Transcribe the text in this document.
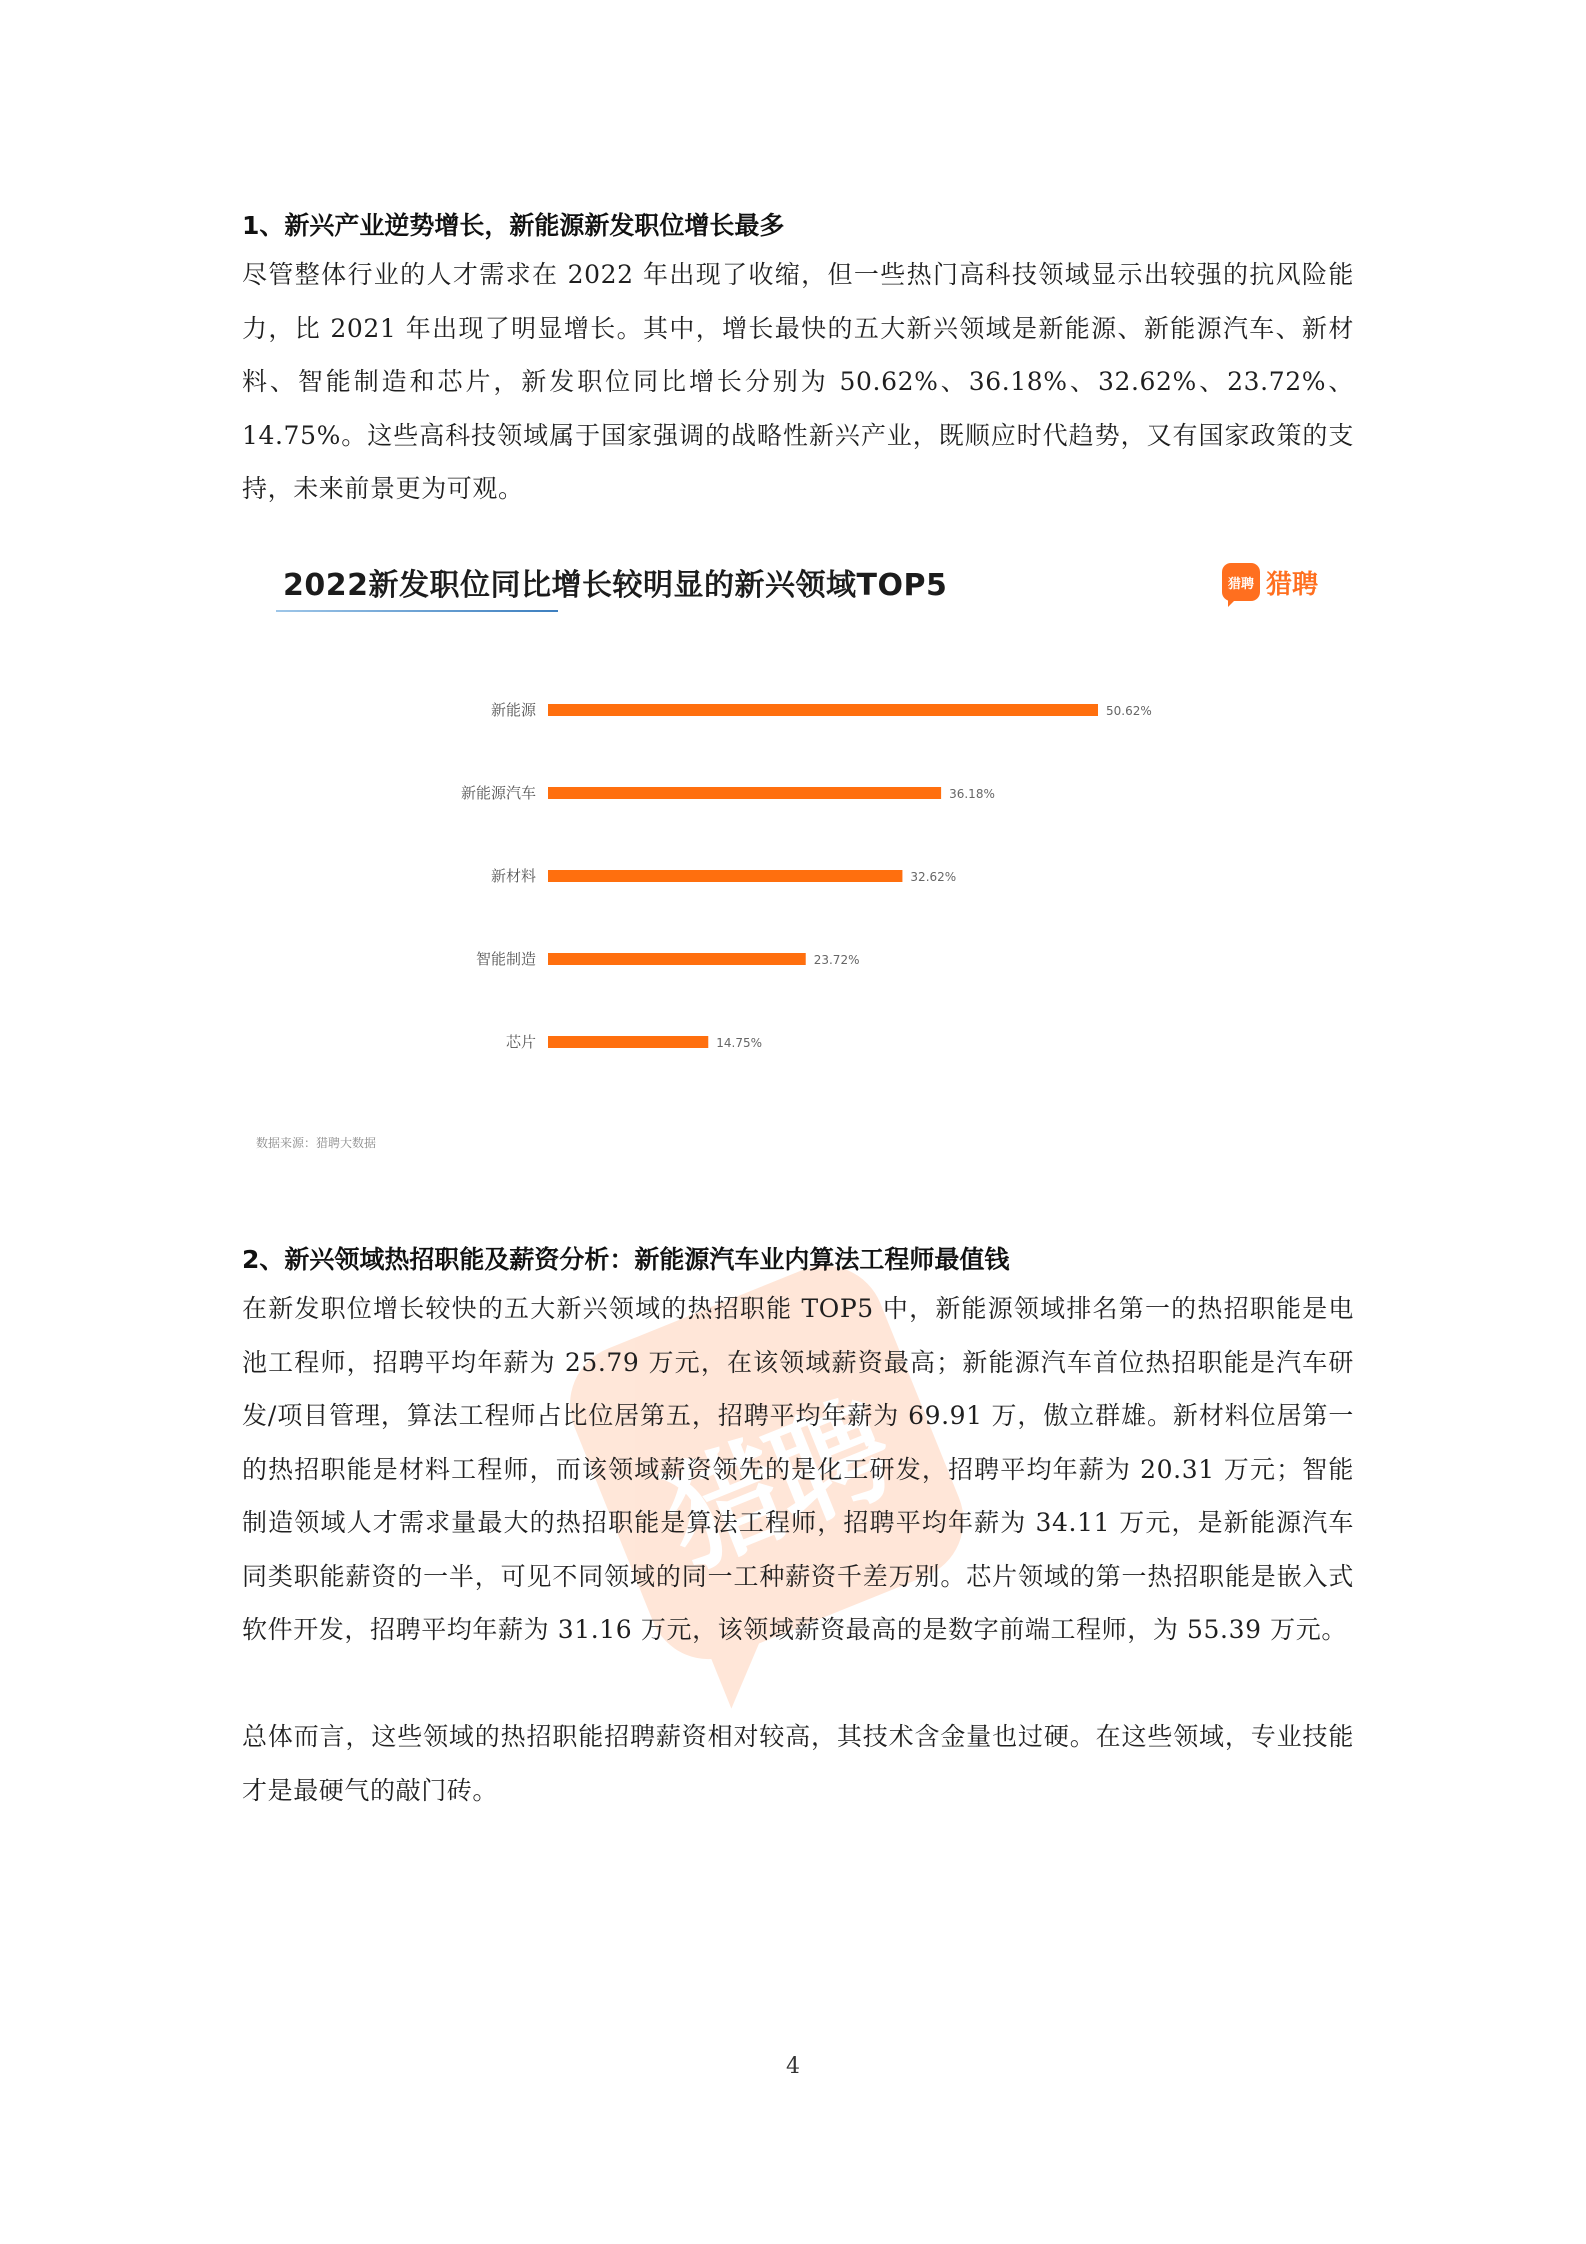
1、新兴产业逆势增长，新能源新发职位增长最多

尽管整体行业的人才需求在 2022 年出现了收缩，但一些热门高科技领域显示出较强的抗风险能力，比 2021 年出现了明显增长。其中，增长最快的五大新兴领域是新能源、新能源汽车、新材料、智能制造和芯片，新发职位同比增长分别为 50.62%、36.18%、32.62%、23.72%、14.75%。这些高科技领域属于国家强调的战略性新兴产业，既顺应时代趋势，又有国家政策的支持，未来前景更为可观。

2022新发职位同比增长较明显的新兴领域TOP5	猎聘 猎聘
新能源	50.62%
新能源汽车	36.18%
新材料	32.62%
智能制造	23.72%
芯片	14.75%
数据来源：猎聘大数据
猎聘
2、新兴领域热招职能及薪资分析：新能源汽车业内算法工程师最值钱

在新发职位增长较快的五大新兴领域的热招职能 TOP5 中，新能源领域排名第一的热招职能是电池工程师，招聘平均年薪为 25.79 万元，在该领域薪资最高；新能源汽车首位热招职能是汽车研发/项目管理，算法工程师占比位居第五，招聘平均年薪为 69.91 万，傲立群雄。新材料位居第一的热招职能是材料工程师，而该领域薪资领先的是化工研发，招聘平均年薪为 20.31 万元；智能制造领域人才需求量最大的热招职能是算法工程师，招聘平均年薪为 34.11 万元，是新能源汽车同类职能薪资的一半，可见不同领域的同一工种薪资千差万别。芯片领域的第一热招职能是嵌入式软件开发，招聘平均年薪为 31.16 万元，该领域薪资最高的是数字前端工程师，为 55.39 万元。

总体而言，这些领域的热招职能招聘薪资相对较高，其技术含金量也过硬。在这些领域，专业技能才是最硬气的敲门砖。

4
